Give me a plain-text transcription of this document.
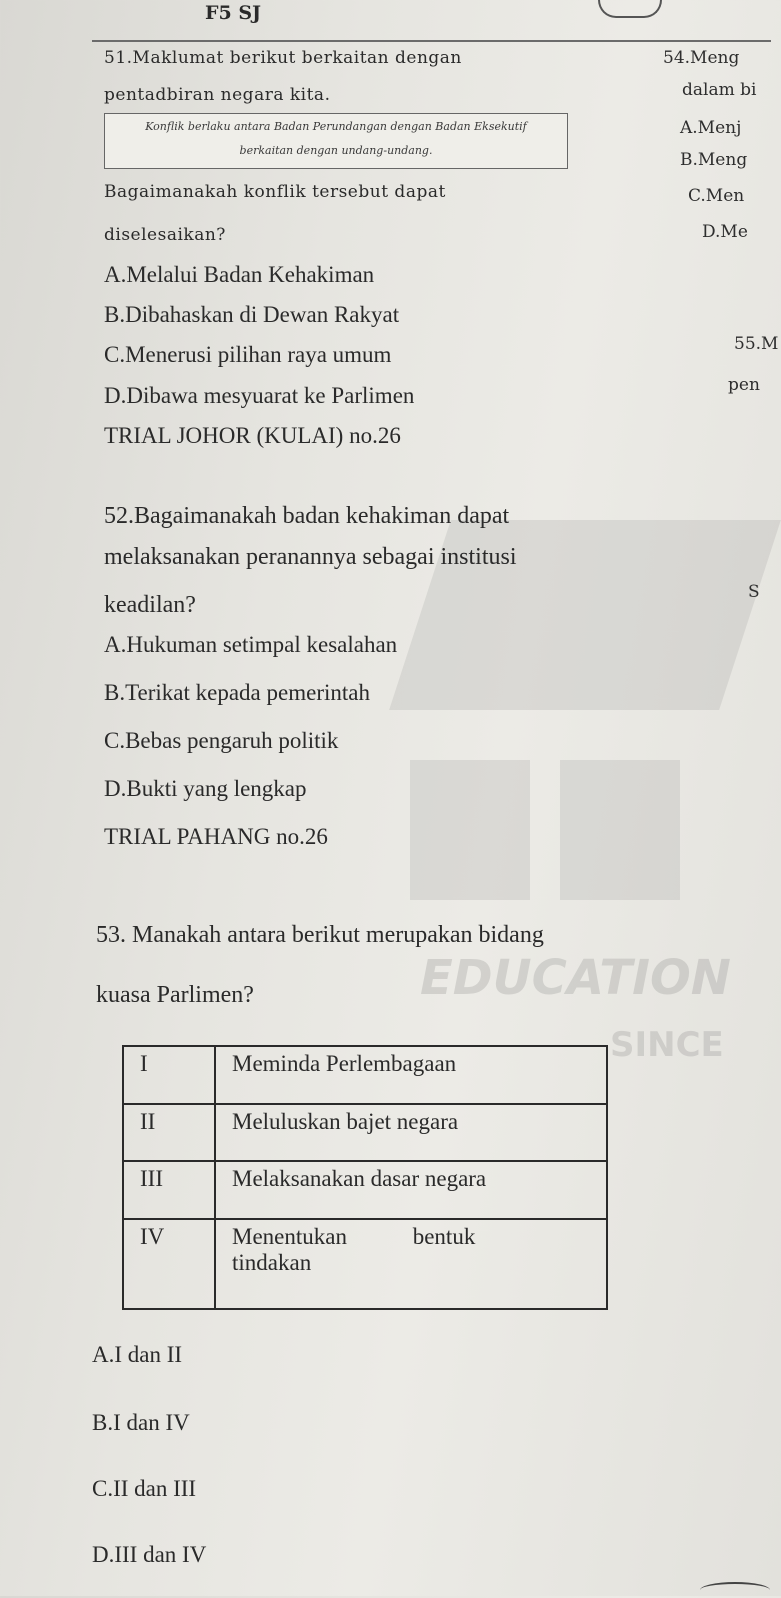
EDUCATION
SINCE
F5 SJ
51.Maklumat berikut berkaitan dengan
pentadbiran negara kita.
Konflik berlaku antara Badan Perundangan dengan Badan Eksekutif
berkaitan dengan undang-undang.
Bagaimanakah konflik tersebut dapat
diselesaikan?
A.Melalui Badan Kehakiman
B.Dibahaskan di Dewan Rakyat
C.Menerusi pilihan raya umum
D.Dibawa mesyuarat ke Parlimen
TRIAL JOHOR (KULAI) no.26
52.Bagaimanakah badan kehakiman dapat
melaksanakan peranannya sebagai institusi
keadilan?
A.Hukuman setimpal kesalahan
B.Terikat kepada pemerintah
C.Bebas pengaruh politik
D.Bukti yang lengkap
TRIAL PAHANG no.26
53. Manakah antara berikut merupakan bidang
kuasa Parlimen?
I	Meminda Perlembagaan
II	Meluluskan bajet negara
III	Melaksanakan dasar negara
IV	Menentukan bentuk tindakan
A.I dan II
B.I dan IV
C.II dan III
D.III dan IV
54.Meng
dalam bi
A.Menj
B.Meng
C.Men
D.Me
55.M
pen
S
